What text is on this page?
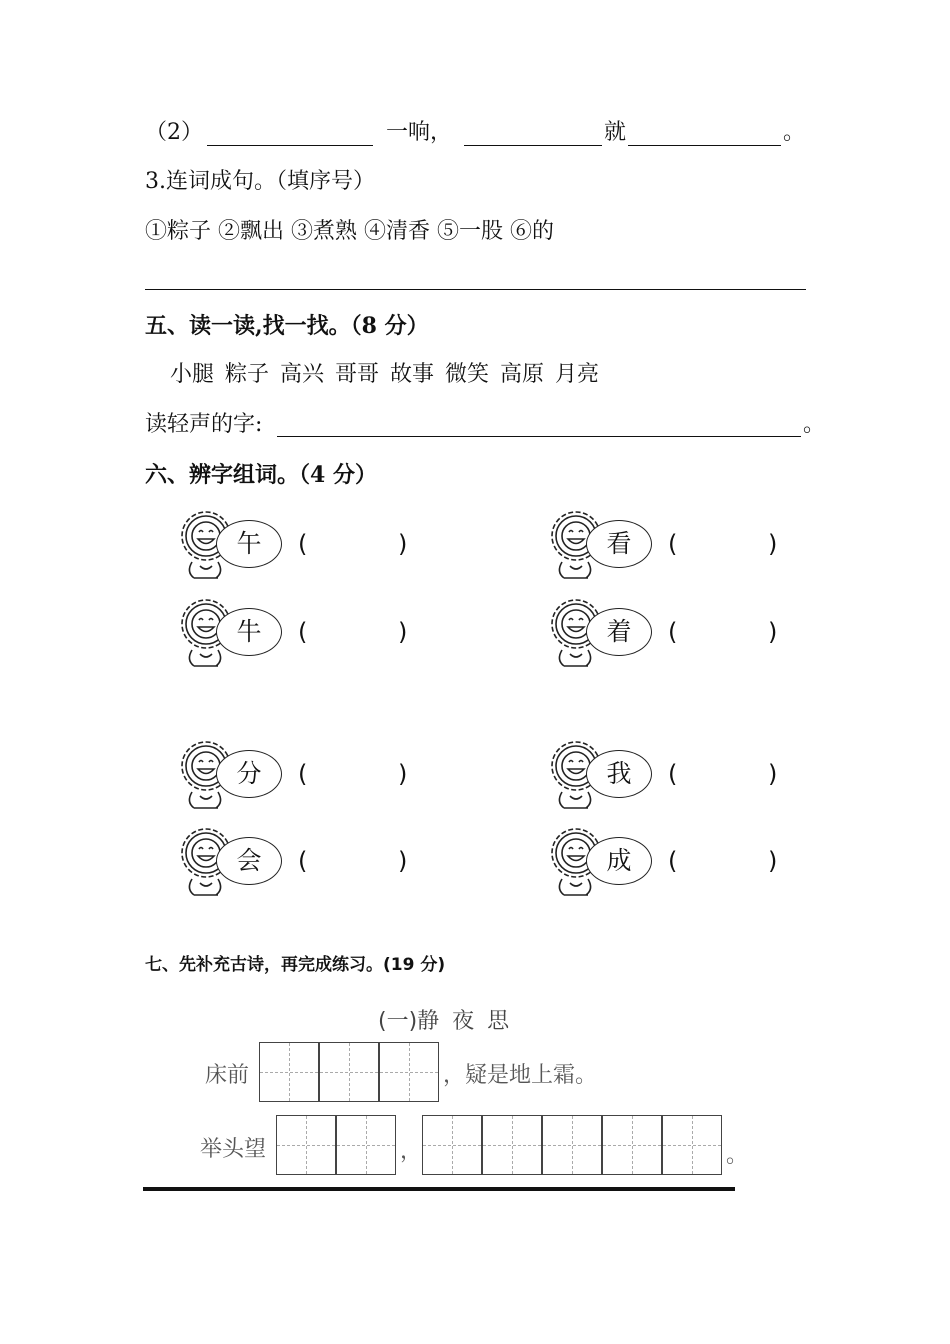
（2）	一响，	就	。
3.连词成句。（填序号）
①粽子 ②飘出 ③煮熟 ④清香 ⑤一股 ⑥的
五、读一读,找一找。（8 分）
小腿 粽子 高兴 哥哥 故事 微笑 高原 月亮
读轻声的字:	。
六、辨字组词。（4 分）
午	(	)	看	(	)
牛	(	)	着	(	)
分	(	)	我	(	)
会	(	)	成	(	)
七、先补充古诗，再完成练习。(19 分)
(一)静 夜 思
床前	，疑是地上霜。
举头望	，	。
